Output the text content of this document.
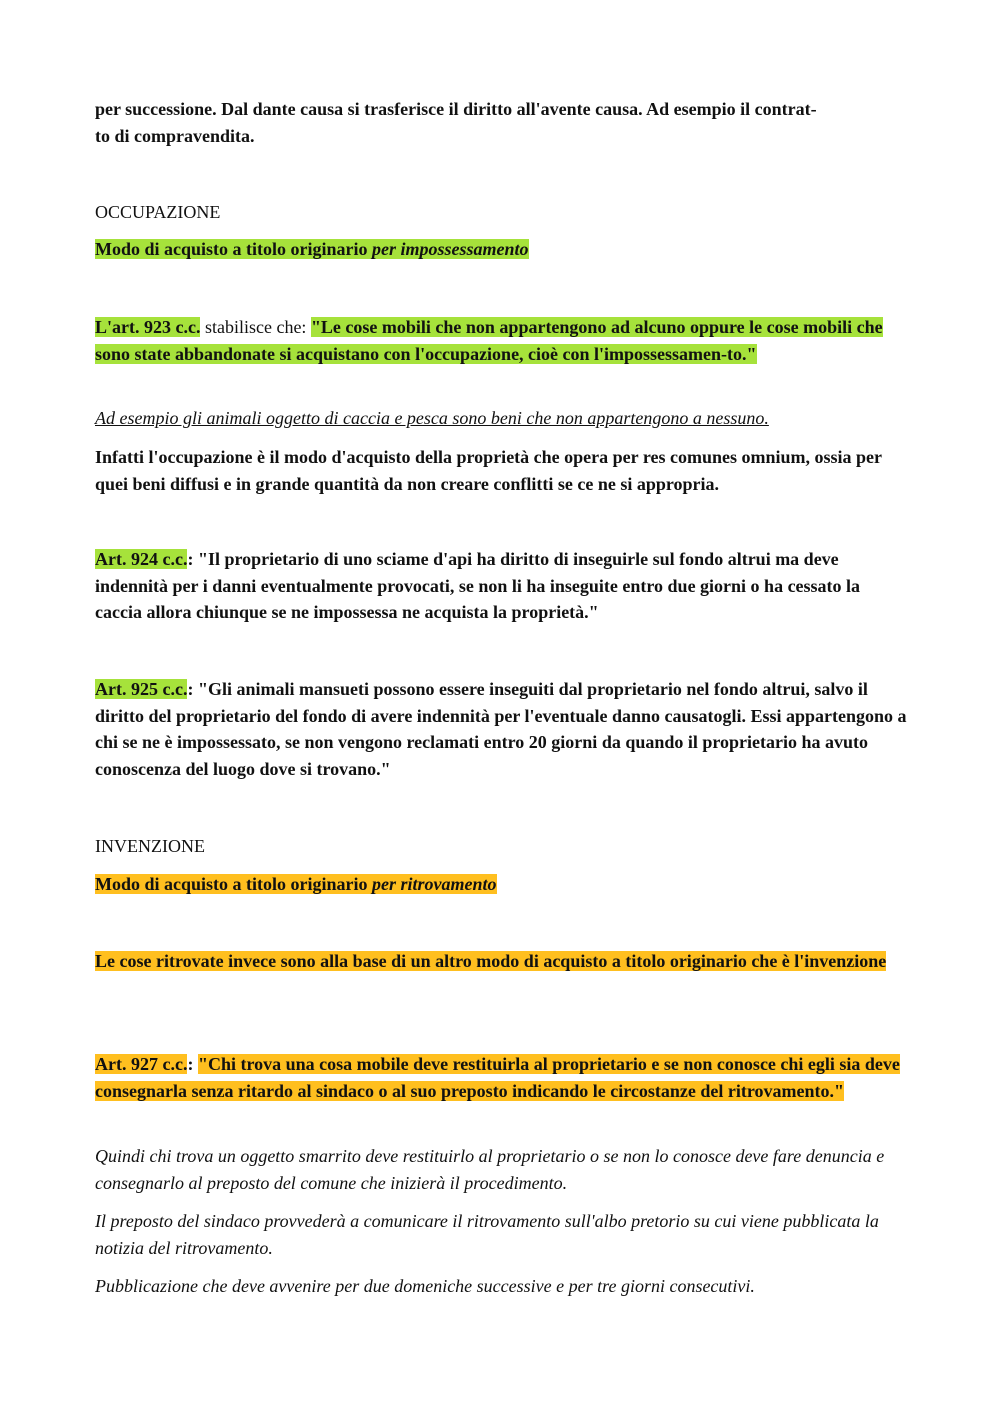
per successione. Dal dante causa si trasferisce il diritto all'avente causa. Ad esempio il contrat-
to di compravendita.

OCCUPAZIONE

Modo di acquisto a titolo originario per impossessamento

L'art. 923 c.c. stabilisce che: "Le cose mobili che non appartengono ad alcuno oppure le cose mobili che sono state abbandonate si acquistano con l'occupazione, cioè con l'impossessamen-to."

Ad esempio gli animali oggetto di caccia e pesca sono beni che non appartengono a nessuno.

Infatti l'occupazione è il modo d'acquisto della proprietà che opera per res comunes omnium, ossia per quei beni diffusi e in grande quantità da non creare conflitti se ce ne si appropria.

Art. 924 c.c.: "Il proprietario di uno sciame d'api ha diritto di inseguirle sul fondo altrui ma deve indennità per i danni eventualmente provocati, se non li ha inseguite entro due giorni o ha cessato la caccia allora chiunque se ne impossessa ne acquista la proprietà."

Art. 925 c.c.: "Gli animali mansueti possono essere inseguiti dal proprietario nel fondo altrui, salvo il diritto del proprietario del fondo di avere indennità per l'eventuale danno causatogli. Essi appartengono a chi se ne è impossessato, se non vengono reclamati entro 20 giorni da quando il proprietario ha avuto conoscenza del luogo dove si trovano."

INVENZIONE

Modo di acquisto a titolo originario per ritrovamento

Le cose ritrovate invece sono alla base di un altro modo di acquisto a titolo originario che è l'invenzione

Art. 927 c.c.: "Chi trova una cosa mobile deve restituirla al proprietario e se non conosce chi egli sia deve consegnarla senza ritardo al sindaco o al suo preposto indicando le circostanze del ritrovamento."

Quindi chi trova un oggetto smarrito deve restituirlo al proprietario o se non lo conosce deve fare denuncia e consegnarlo al preposto del comune che inizierà il procedimento.

Il preposto del sindaco provvederà a comunicare il ritrovamento sull'albo pretorio su cui viene pubblicata la notizia del ritrovamento.

Pubblicazione che deve avvenire per due domeniche successive e per tre giorni consecutivi.
